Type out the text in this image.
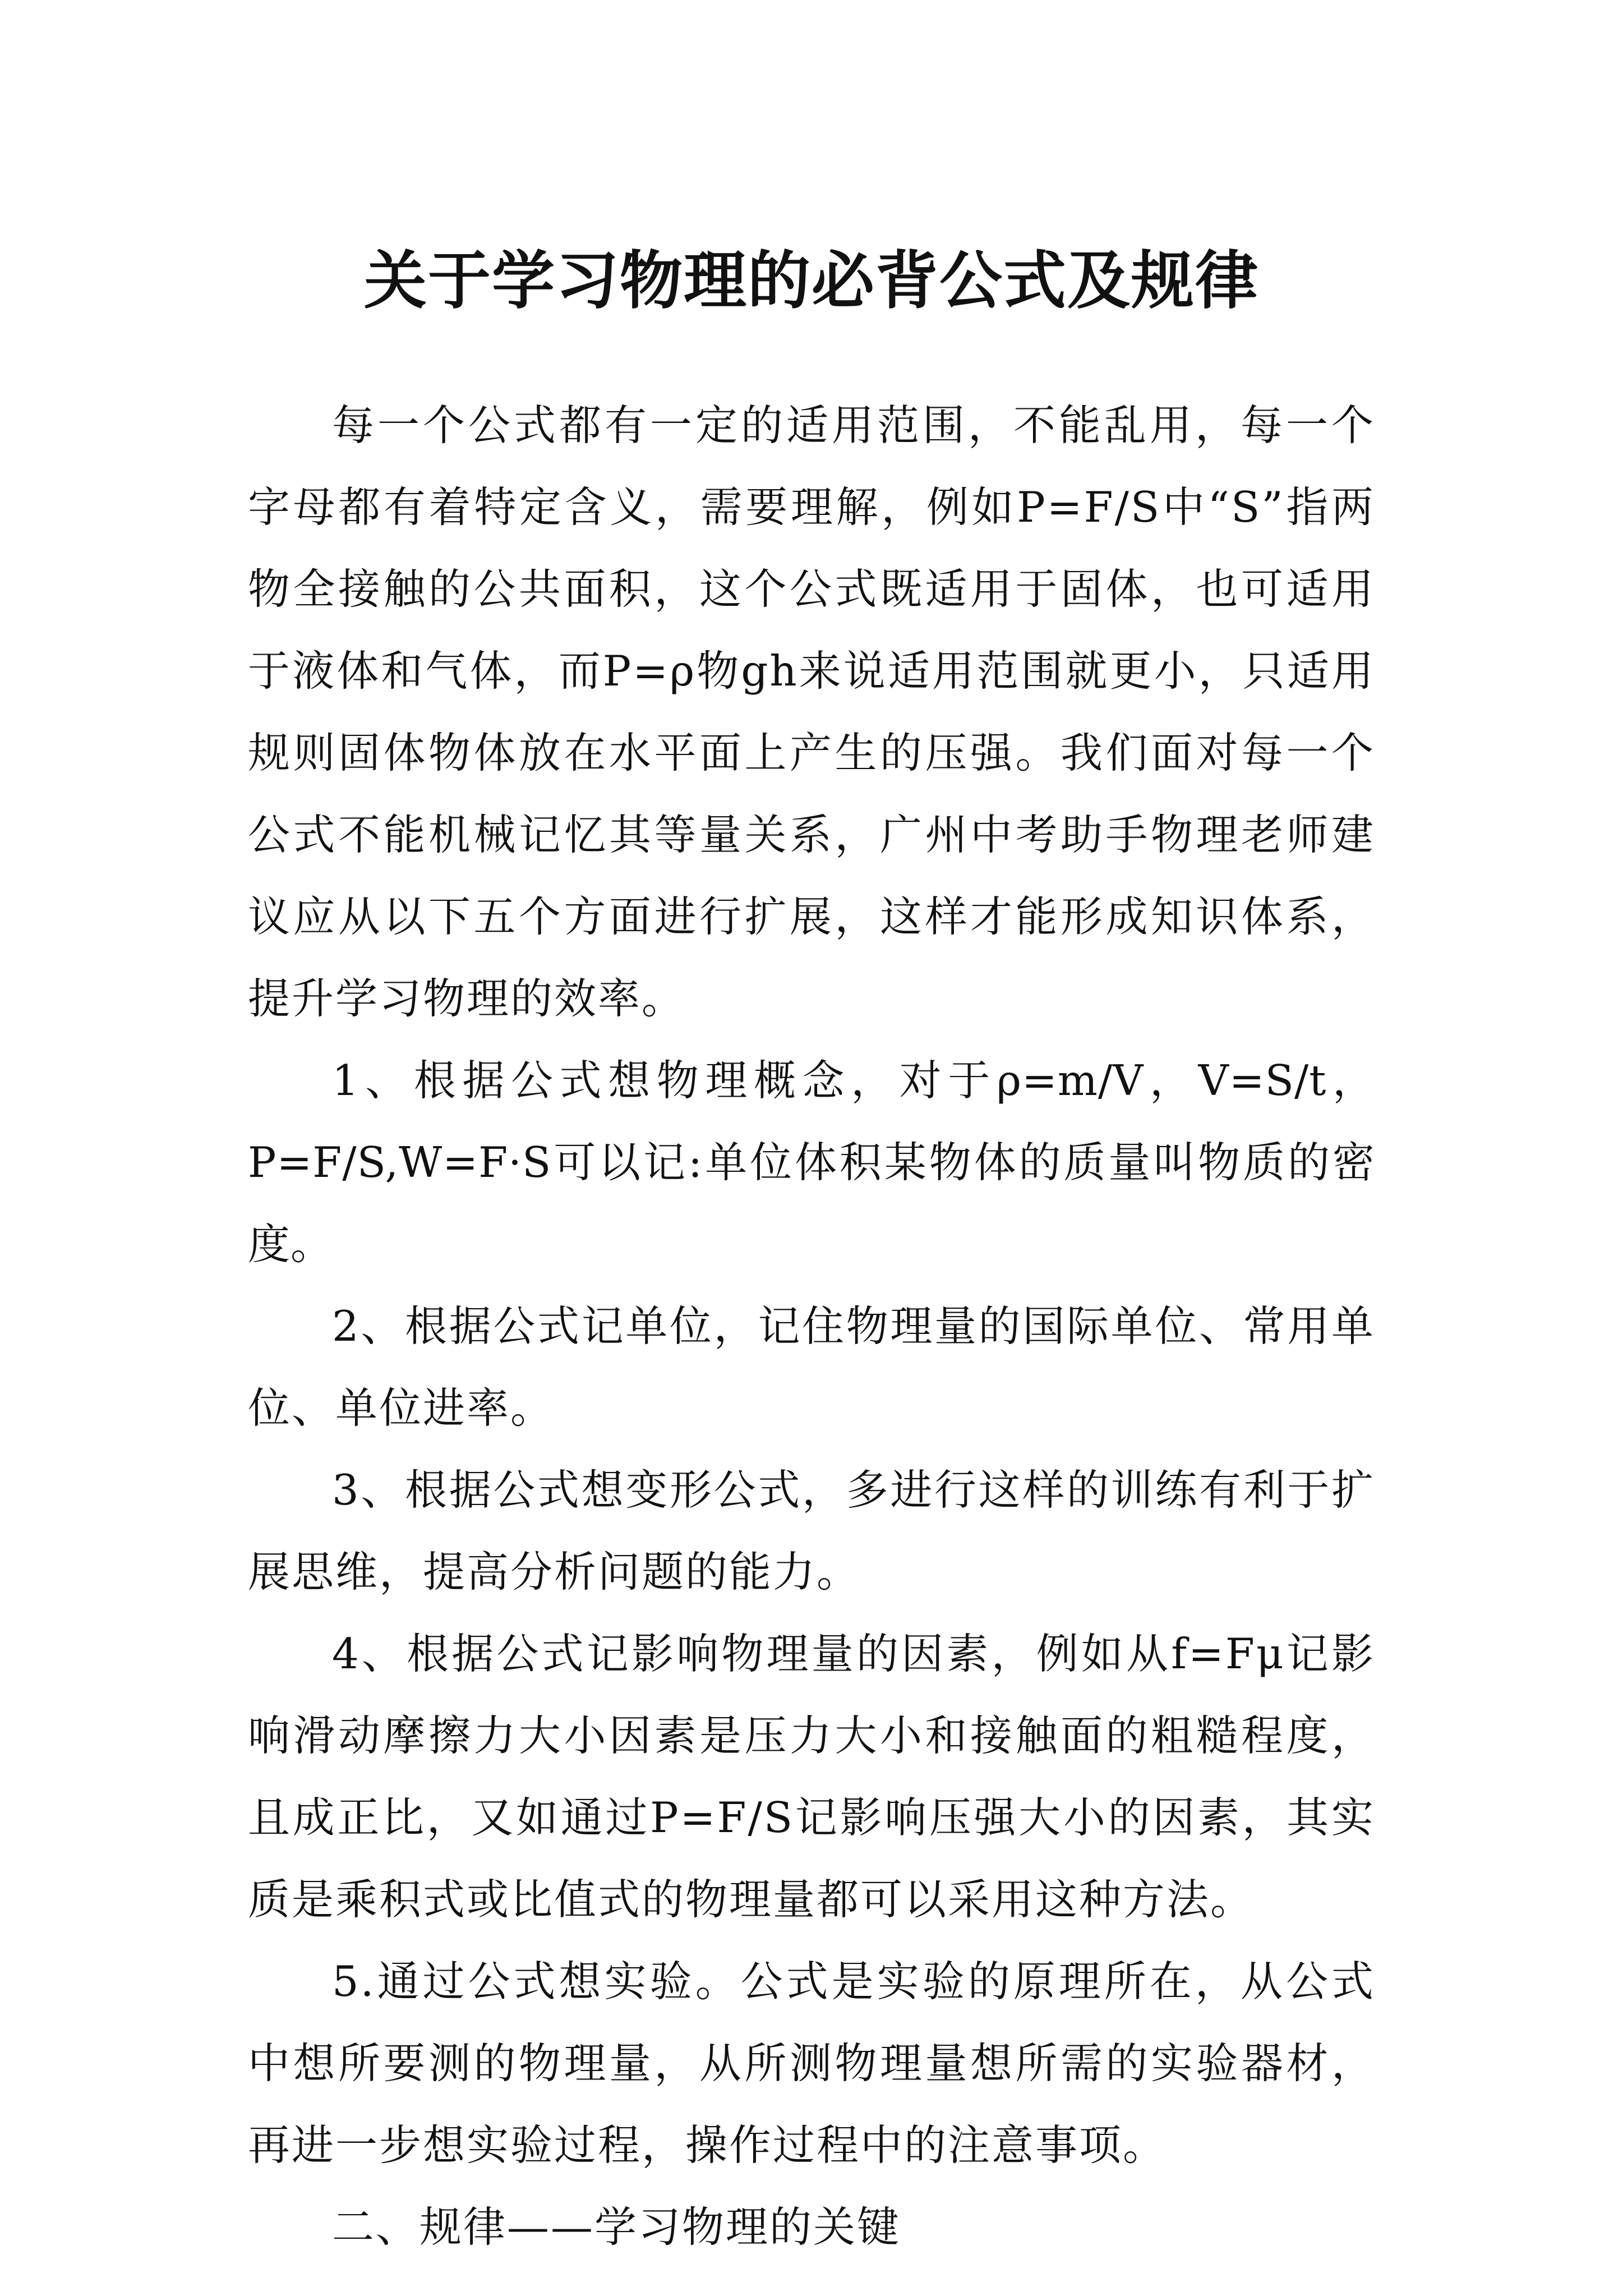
关于学习物理的必背公式及规律

每一个公式都有一定的适用范围，不能乱用，每一个字母都有着特定含义，需要理解，例如P=F/S中“S”指两物全接触的公共面积，这个公式既适用于固体，也可适用于液体和气体，而P=ρ物gh来说适用范围就更小，只适用规则固体物体放在水平面上产生的压强。我们面对每一个公式不能机械记忆其等量关系，广州中考助手物理老师建议应从以下五个方面进行扩展，这样才能形成知识体系，提升学习物理的效率。

1、根据公式想物理概念，对于ρ=m/V，V=S/t，P=F/S,W=F·S可以记:单位体积某物体的质量叫物质的密度。

2、根据公式记单位，记住物理量的国际单位、常用单位、单位进率。

3、根据公式想变形公式，多进行这样的训练有利于扩展思维，提高分析问题的能力。

4、根据公式记影响物理量的因素，例如从f=Fμ记影响滑动摩擦力大小因素是压力大小和接触面的粗糙程度，且成正比，又如通过P=F/S记影响压强大小的因素，其实质是乘积式或比值式的物理量都可以采用这种方法。

5.通过公式想实验。公式是实验的原理所在，从公式中想所要测的物理量，从所测物理量想所需的实验器材，再进一步想实验过程，操作过程中的注意事项。

二、规律——学习物理的关键
